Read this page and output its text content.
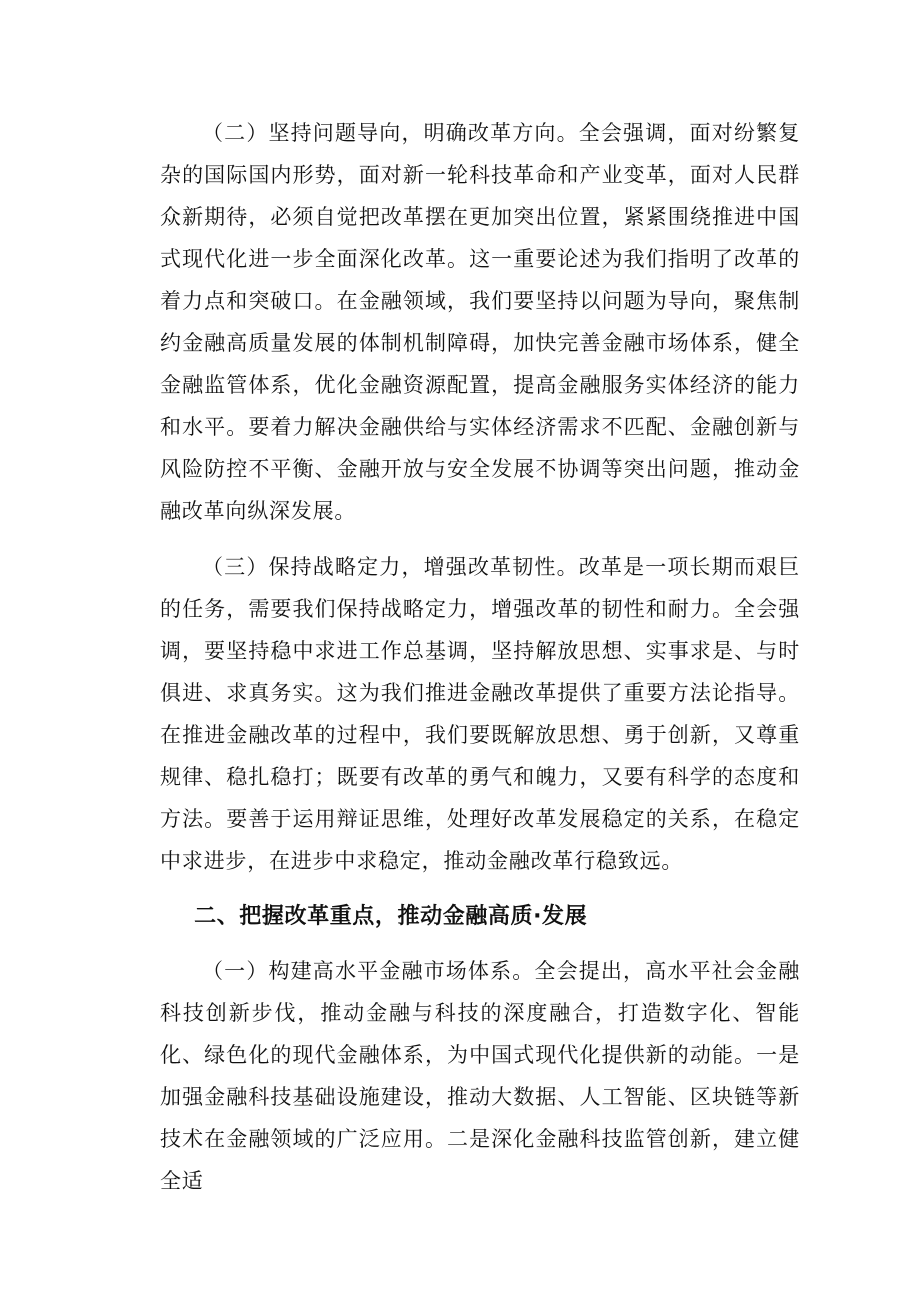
（二）坚持问题导向，明确改革方向。全会强调，面对纷繁复杂的国际国内形势，面对新一轮科技革命和产业变革，面对人民群众新期待，必须自觉把改革摆在更加突出位置，紧紧围绕推进中国式现代化进一步全面深化改革。这一重要论述为我们指明了改革的着力点和突破口。在金融领域，我们要坚持以问题为导向，聚焦制约金融高质量发展的体制机制障碍，加快完善金融市场体系，健全金融监管体系，优化金融资源配置，提高金融服务实体经济的能力和水平。要着力解决金融供给与实体经济需求不匹配、金融创新与风险防控不平衡、金融开放与安全发展不协调等突出问题，推动金融改革向纵深发展。

（三）保持战略定力，增强改革韧性。改革是一项长期而艰巨的任务，需要我们保持战略定力，增强改革的韧性和耐力。全会强调，要坚持稳中求进工作总基调，坚持解放思想、实事求是、与时俱进、求真务实。这为我们推进金融改革提供了重要方法论指导。在推进金融改革的过程中，我们要既解放思想、勇于创新，又尊重规律、稳扎稳打；既要有改革的勇气和魄力，又要有科学的态度和方法。要善于运用辩证思维，处理好改革发展稳定的关系，在稳定中求进步，在进步中求稳定，推动金融改革行稳致远。

二、把握改革重点，推动金融高质·发展

（一）构建高水平金融市场体系。全会提出，高水平社会金融科技创新步伐，推动金融与科技的深度融合，打造数字化、智能化、绿色化的现代金融体系，为中国式现代化提供新的动能。一是加强金融科技基础设施建设，推动大数据、人工智能、区块链等新技术在金融领域的广泛应用。二是深化金融科技监管创新，建立健全适
